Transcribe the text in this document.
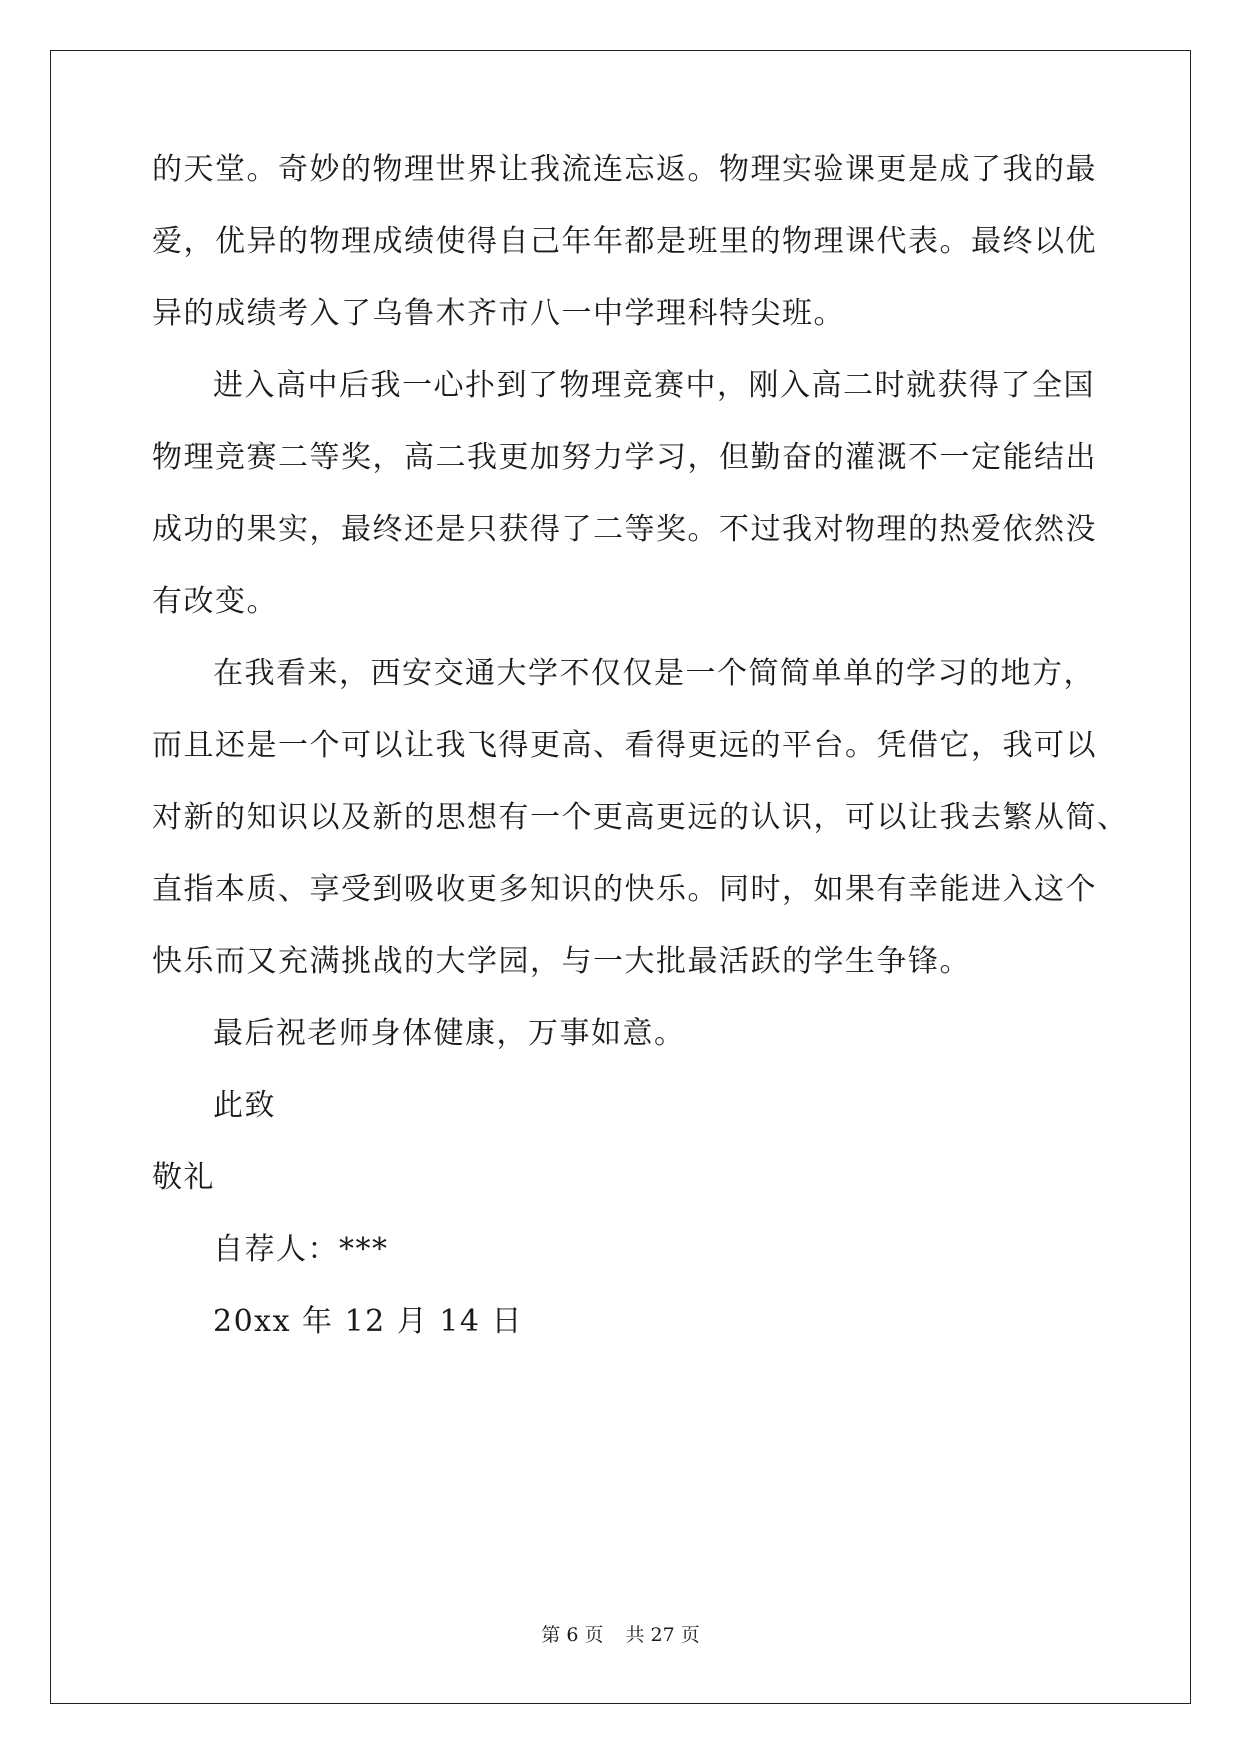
的天堂。奇妙的物理世界让我流连忘返。物理实验课更是成了我的最
爱，优异的物理成绩使得自己年年都是班里的物理课代表。最终以优
异的成绩考入了乌鲁木齐市八一中学理科特尖班。
进入高中后我一心扑到了物理竞赛中，刚入高二时就获得了全国
物理竞赛二等奖，高二我更加努力学习，但勤奋的灌溉不一定能结出
成功的果实，最终还是只获得了二等奖。不过我对物理的热爱依然没
有改变。
在我看来，西安交通大学不仅仅是一个简简单单的学习的地方，
而且还是一个可以让我飞得更高、看得更远的平台。凭借它，我可以
对新的知识以及新的思想有一个更高更远的认识，可以让我去繁从简、
直指本质、享受到吸收更多知识的快乐。同时，如果有幸能进入这个
快乐而又充满挑战的大学园，与一大批最活跃的学生争锋。
最后祝老师身体健康，万事如意。
此致
敬礼
自荐人：***
20xx 年 12 月 14 日
第 6 页 共 27 页
